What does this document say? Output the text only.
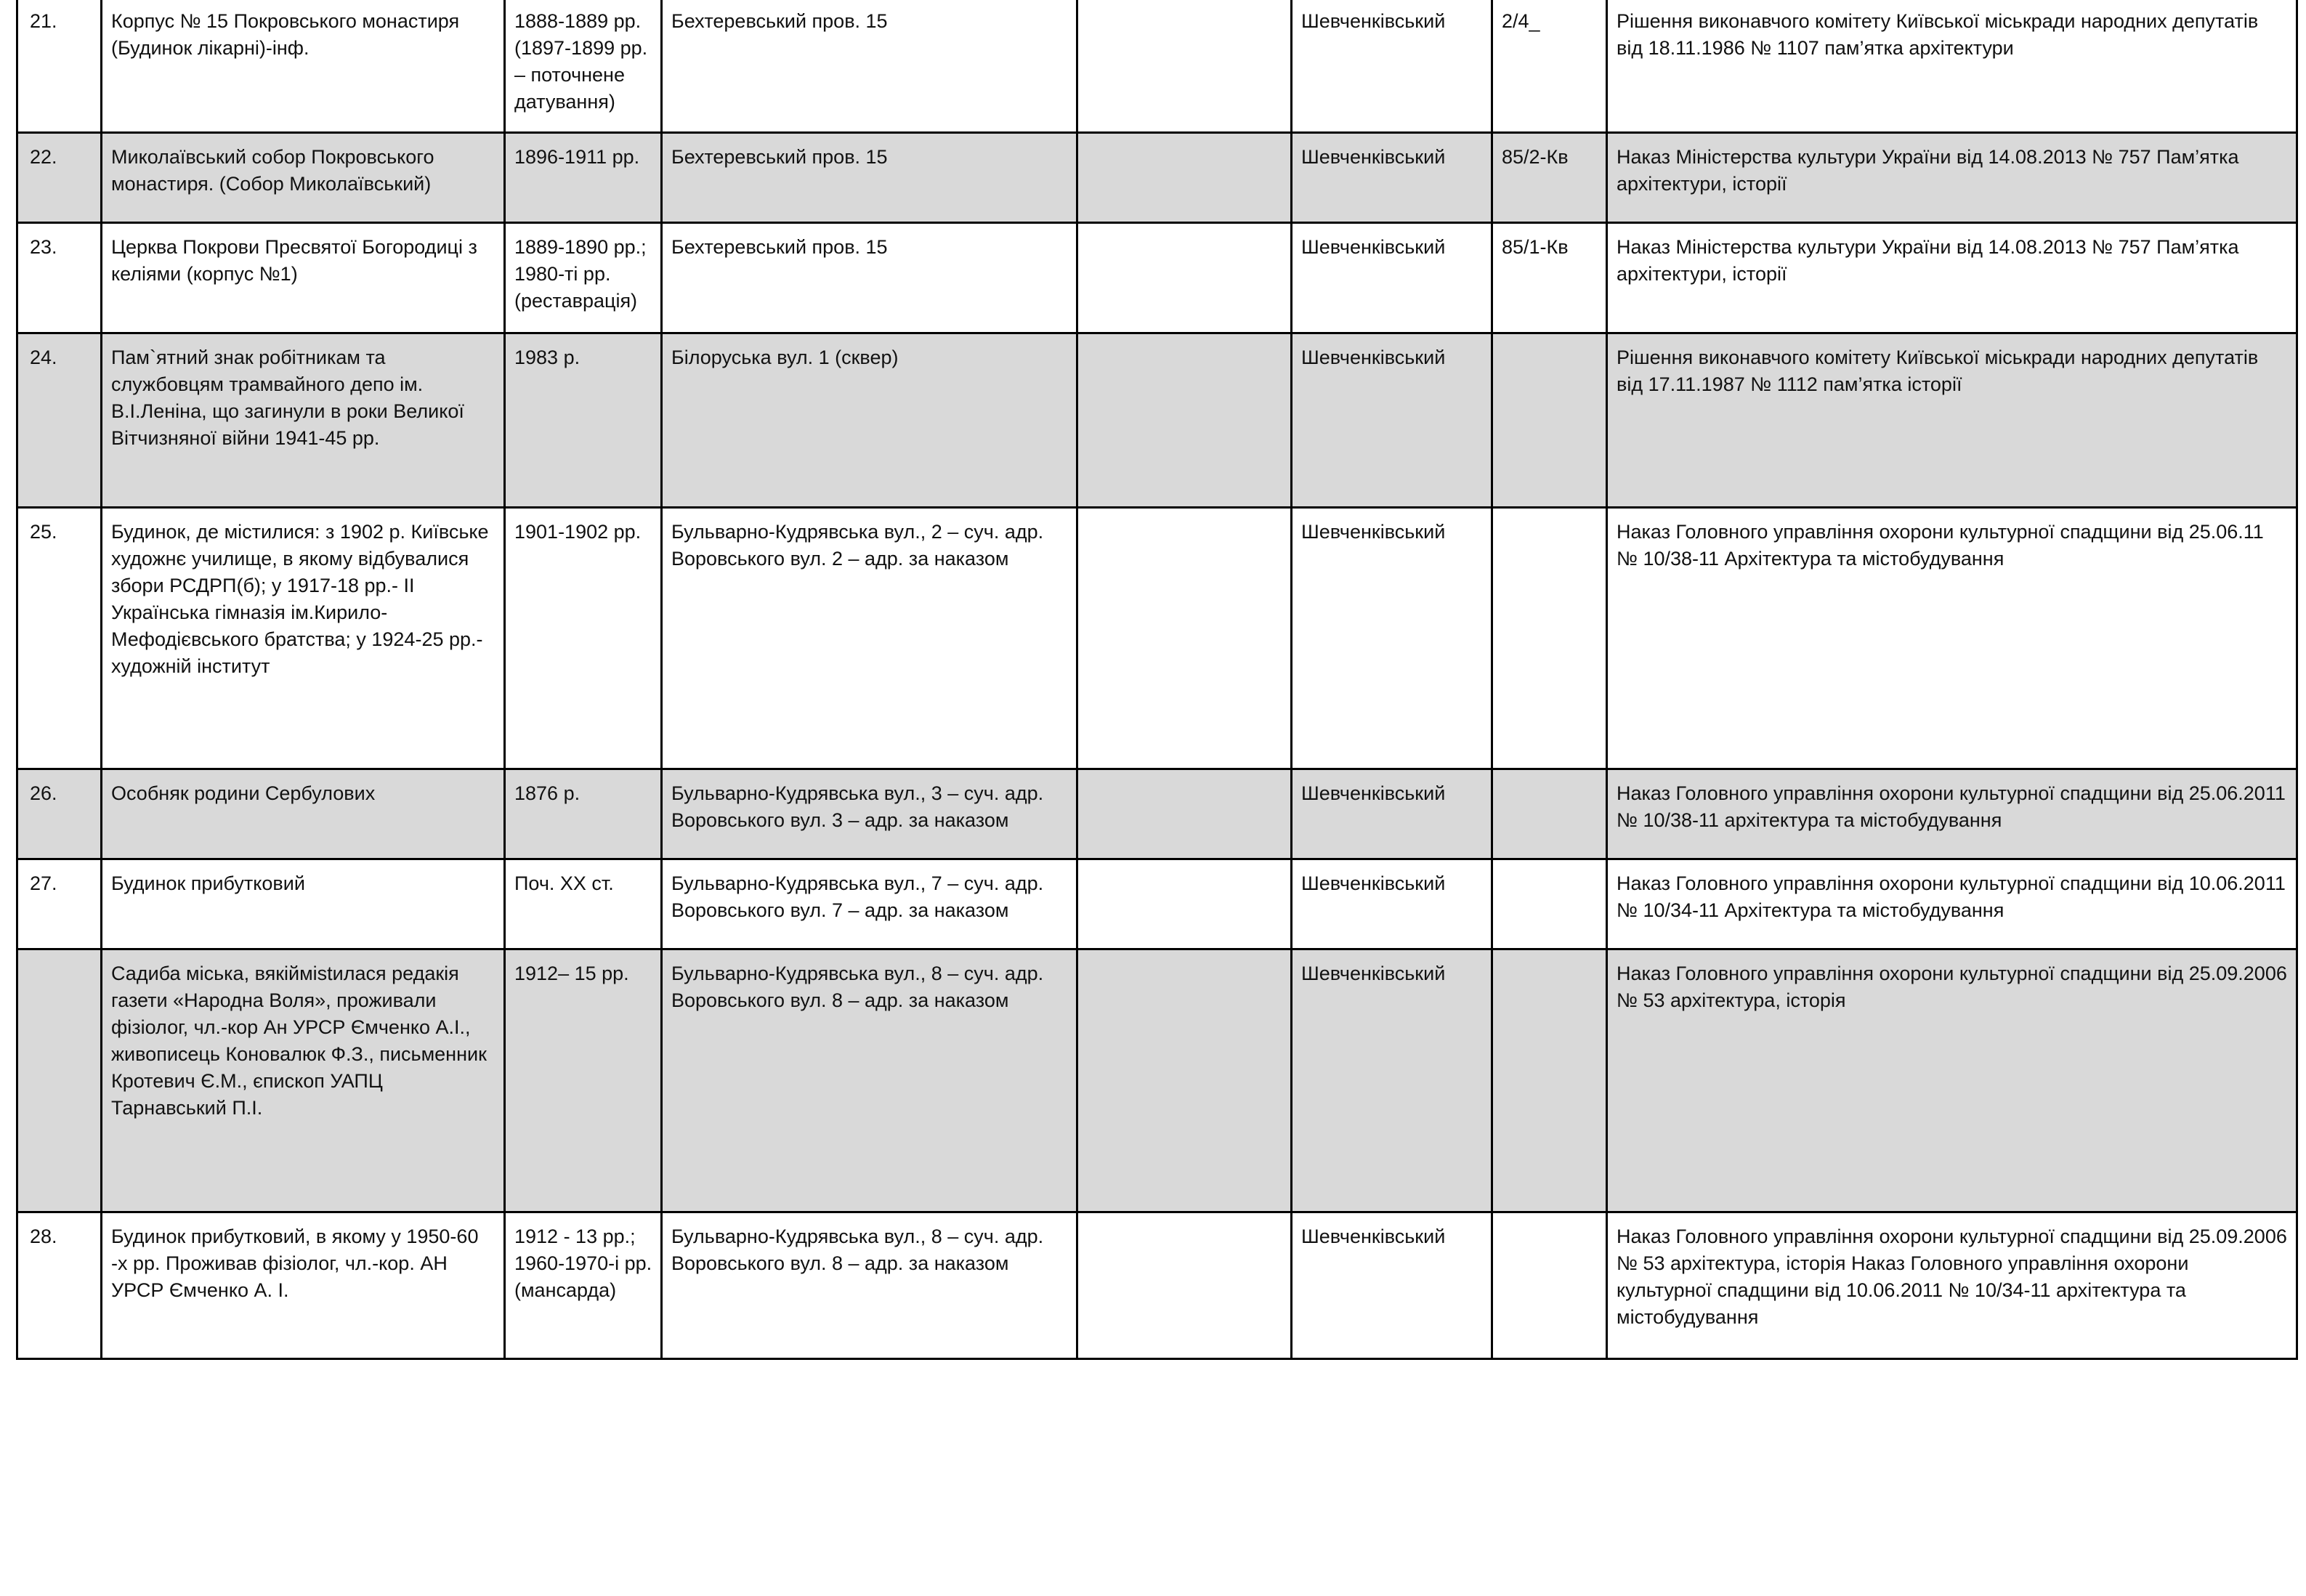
21.	Корпус № 15 Покровського монастиря (Будинок лікарні)-інф.	1888-1889 рр. (1897-1899 рр. – поточнене датування)	Бехтеревський пров. 15		Шевченківський	2/4_	Рішення виконавчого комітету Київської міськради народних депутатів від 18.11.1986 № 1107 пам’ятка архітектури
22.	Миколаївський собор Покровського монастиря. (Собор Миколаївський)	1896-1911 рр.	Бехтеревський пров. 15		Шевченківський	85/2-Кв	Наказ Міністерства культури України від 14.08.2013 № 757 Пам’ятка архітектури, історії
23.	Церква Покрови Пресвятої Богородиці з келіями (корпус №1)	1889-1890 рр.; 1980-ті рр. (реставрація)	Бехтеревський пров. 15		Шевченківський	85/1-Кв	Наказ Міністерства культури України від 14.08.2013 № 757 Пам’ятка архітектури, історії
24.	Пам`ятний знак робітникам та службовцям трамвайного депо ім. В.І.Леніна, що загинули в роки Великої Вітчизняної війни 1941-45 рр.	1983 р.	Білоруська вул. 1 (сквер)		Шевченківський		Рішення виконавчого комітету Київської міськради народних депутатів від 17.11.1987 № 1112 пам’ятка історії
25.	Будинок, де містилися: з 1902 р. Київське художнє училище, в якому відбувалися збори РСДРП(б); у 1917-18 рр.- ІІ Українська гімназія ім.Кирило-Мефодієвського братства; у 1924-25 рр.- художній інститут	1901-1902 рр.	Бульварно-Кудрявська вул., 2 – суч. адр. Воровського вул. 2 – адр. за наказом		Шевченківський		Наказ Головного управління охорони культурної спадщини від 25.06.11 № 10/38-11 Архітектура та містобудування
26.	Особняк родини Сербулових	1876 р.	Бульварно-Кудрявська вул., 3 – суч. адр. Воровського вул. 3 – адр. за наказом		Шевченківський		Наказ Головного управління охорони культурної спадщини від 25.06.2011 № 10/38-11 архітектура та містобудування
27.	Будинок прибутковий	Поч. ХХ ст.	Бульварно-Кудрявська вул., 7 – суч. адр. Воровського вул. 7 – адр. за наказом		Шевченківський		Наказ Головного управління охорони культурної спадщини від 10.06.2011 № 10/34-11 Архітектура та містобудування
	Садиба міська, вякійміstилася редакія газети «Народна Воля», проживали фізіолог, чл.-кор Ан УРСР Ємченко А.І., живописець Коновалюк Ф.З., письменник Кротевич Є.М., єпископ УАПЦ Тарнавський П.І.	1912– 15 рр.	Бульварно-Кудрявська вул., 8 – суч. адр. Воровського вул. 8 – адр. за наказом		Шевченківський		Наказ Головного управління охорони культурної спадщини від 25.09.2006 № 53 архітектура, історія
28.	Будинок прибутковий, в якому у 1950-60 -х рр. Проживав фізіолог, чл.-кор. АН УРСР Ємченко А. І.	1912 - 13 рр.; 1960-1970-і рр. (мансарда)	Бульварно-Кудрявська вул., 8 – суч. адр. Воровського вул. 8 – адр. за наказом		Шевченківський		Наказ Головного управління охорони культурної спадщини від 25.09.2006 № 53 архітектура, історія Наказ Головного управління охорони культурної спадщини від 10.06.2011 № 10/34-11 архітектура та містобудування
